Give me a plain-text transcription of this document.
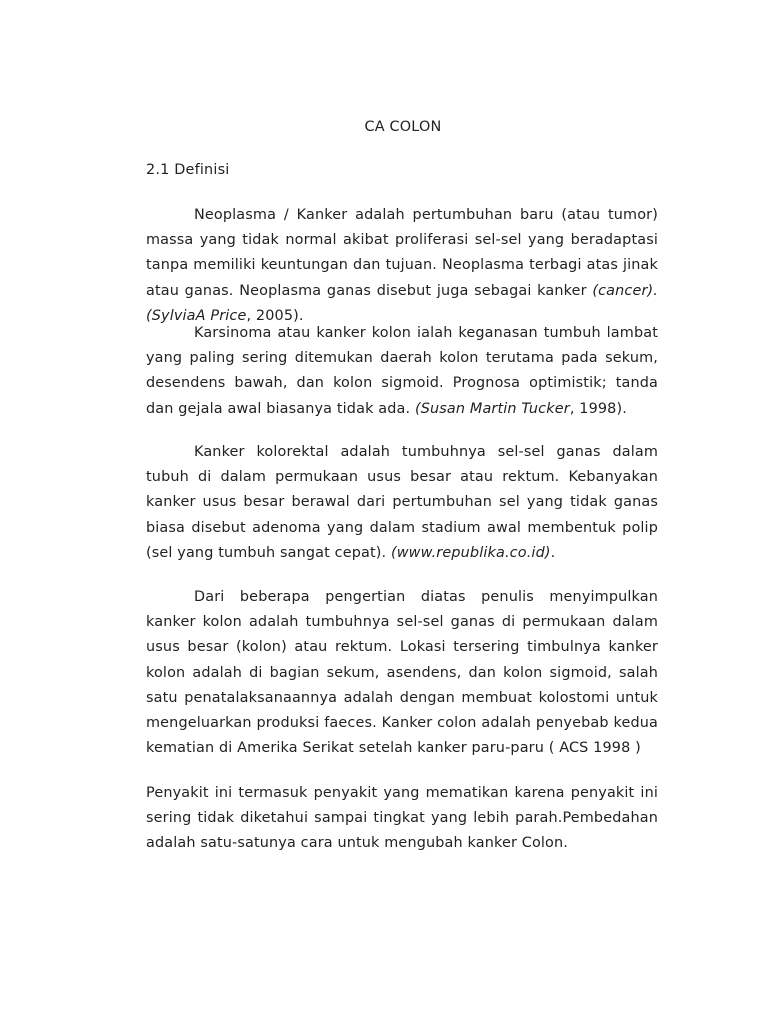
CA COLON
2.1 Definisi
Neoplasma / Kanker adalah pertumbuhan baru (atau tumor) massa yang tidak normal akibat proliferasi sel-sel yang beradaptasi tanpa memiliki keuntungan dan tujuan. Neoplasma terbagi atas jinak atau ganas. Neoplasma ganas disebut juga sebagai kanker (cancer). (SylviaA Price, 2005).
Karsinoma atau kanker kolon ialah keganasan tumbuh lambat yang paling sering ditemukan daerah kolon terutama pada sekum, desendens bawah, dan kolon sigmoid. Prognosa optimistik; tanda dan gejala awal biasanya tidak ada. (Susan Martin Tucker, 1998).
Kanker kolorektal adalah tumbuhnya sel-sel ganas dalam tubuh di dalam permukaan usus besar atau rektum. Kebanyakan kanker usus besar berawal dari pertumbuhan sel yang tidak ganas biasa disebut adenoma yang dalam stadium awal membentuk polip (sel yang tumbuh sangat cepat). (www.republika.co.id).
Dari beberapa pengertian diatas penulis menyimpulkan kanker kolon adalah tumbuhnya sel-sel ganas di permukaan dalam usus besar (kolon) atau rektum. Lokasi tersering timbulnya kanker kolon adalah di bagian sekum, asendens, dan kolon sigmoid, salah satu penatalaksanaannya adalah dengan membuat kolostomi untuk mengeluarkan produksi faeces. Kanker colon adalah penyebab kedua kematian di Amerika Serikat setelah kanker paru-paru ( ACS 1998 )
Penyakit ini termasuk penyakit yang mematikan karena penyakit ini sering tidak diketahui sampai tingkat yang lebih parah.Pembedahan adalah satu-satunya cara untuk mengubah kanker Colon.
